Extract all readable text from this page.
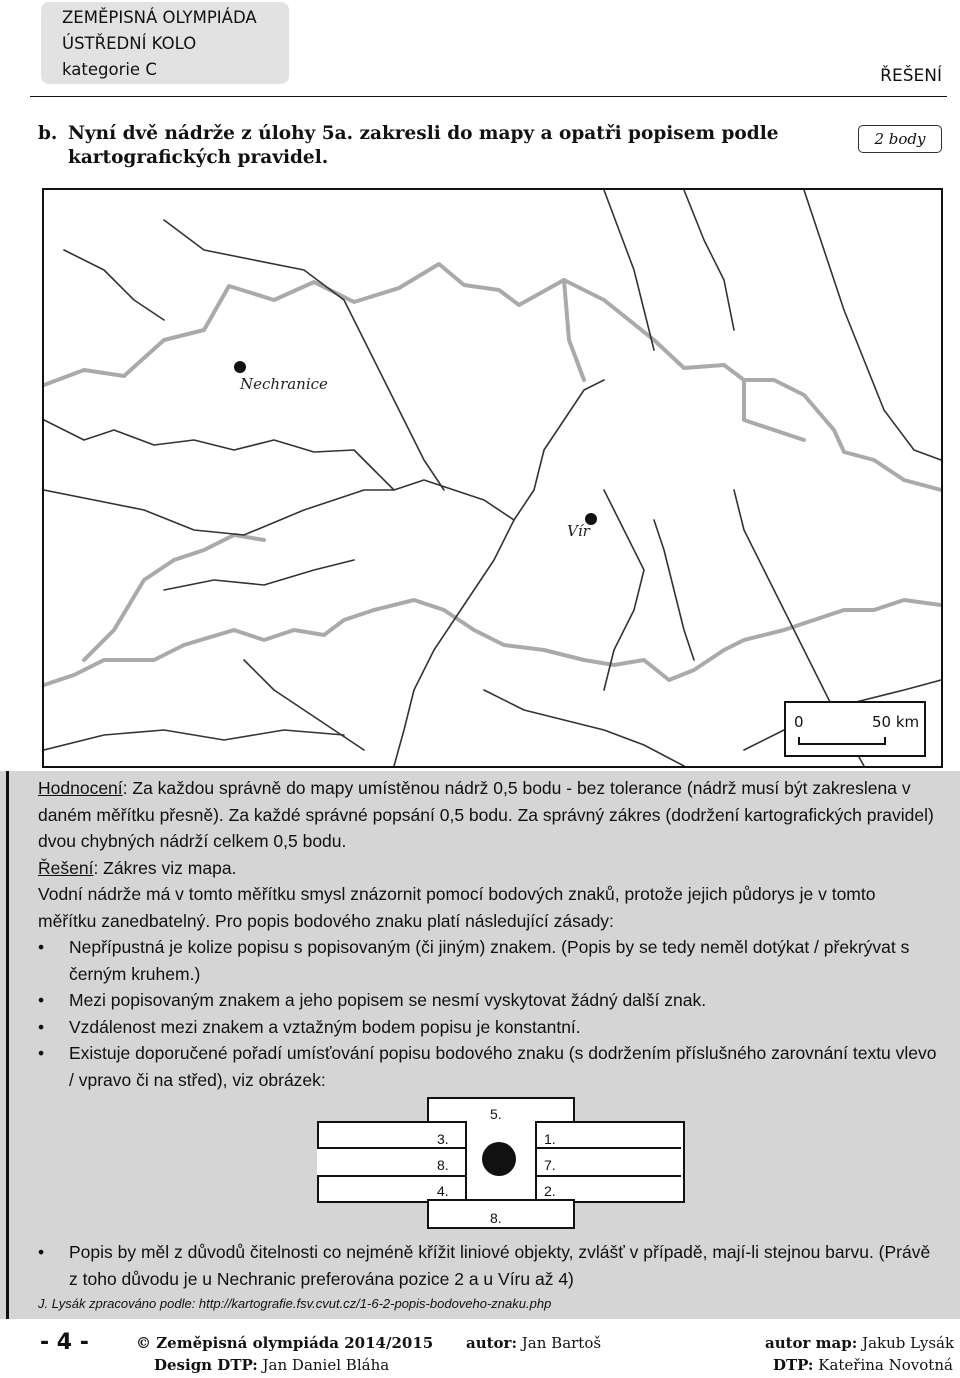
ZEMĚPISNÁ OLYMPIÁDA
ÚSTŘEDNÍ KOLO
kategorie C	ŘEŠENÍ
b. Nyní dvě nádrže z úlohy 5a. zakresli do mapy a opatři popisem podle kartografických pravidel.
2 body
Nechranice
Vír
0	50 km

Hodnocení: Za každou správně do mapy umístěnou nádrž 0,5 bodu - bez tolerance (nádrž musí být zakreslena v daném měřítku přesně). Za každé správné popsání 0,5 bodu. Za správný zákres (dodržení kartografických pravidel) dvou chybných nádrží celkem 0,5 bodu.

Řešení: Zákres viz mapa.

Vodní nádrže má v tomto měřítku smysl znázornit pomocí bodových znaků, protože jejich půdorys je v tomto měřítku zanedbatelný. Pro popis bodového znaku platí následující zásady:

• Nepřípustná je kolize popisu s popisovaným (či jiným) znakem. (Popis by se tedy neměl dotýkat / překrývat s černým kruhem.)
• Mezi popisovaným znakem a jeho popisem se nesmí vyskytovat žádný další znak.
• Vzdálenost mezi znakem a vztažným bodem popisu je konstantní.
• Existuje doporučené pořadí umísťování popisu bodového znaku (s dodržením příslušného zarovnání textu vlevo / vpravo či na střed), viz obrázek:
5.
3.
8.
4.
1.
7.
2.
8.
• Popis by měl z důvodů čitelnosti co nejméně křížit liniové objekty, zvlášť v případě, mají-li stejnou barvu. (Právě z toho důvodu je u Nechranic preferována pozice 2 a u Víru až 4)
J. Lysák zpracováno podle: http://kartografie.fsv.cvut.cz/1-6-2-popis-bodoveho-znaku.php
- 4 -	© Zeměpisná olympiáda 2014/2015 autor: Jan Bartoš	autor map: Jakub Lysák
Design DTP: Jan Daniel Bláha	DTP: Kateřina Novotná
